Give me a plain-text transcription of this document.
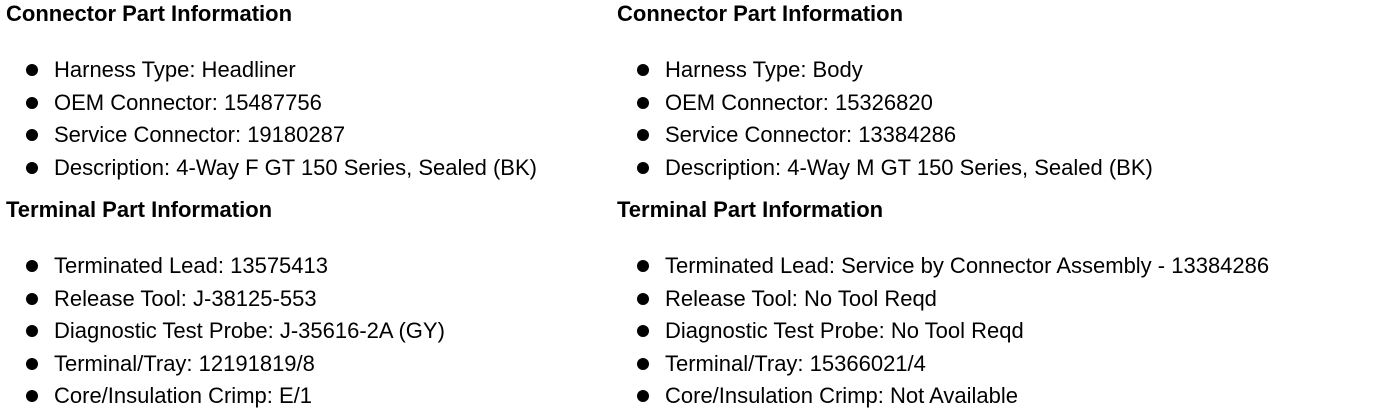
Connector Part Information
Harness Type: Headliner
OEM Connector: 15487756
Service Connector: 19180287
Description: 4-Way F GT 150 Series, Sealed (BK)
Terminal Part Information
Terminated Lead: 13575413
Release Tool: J-38125-553
Diagnostic Test Probe: J-35616-2A (GY)
Terminal/Tray: 12191819/8
Core/Insulation Crimp: E/1
Connector Part Information
Harness Type: Body
OEM Connector: 15326820
Service Connector: 13384286
Description: 4-Way M GT 150 Series, Sealed (BK)
Terminal Part Information
Terminated Lead: Service by Connector Assembly - 13384286
Release Tool: No Tool Reqd
Diagnostic Test Probe: No Tool Reqd
Terminal/Tray: 15366021/4
Core/Insulation Crimp: Not Available
